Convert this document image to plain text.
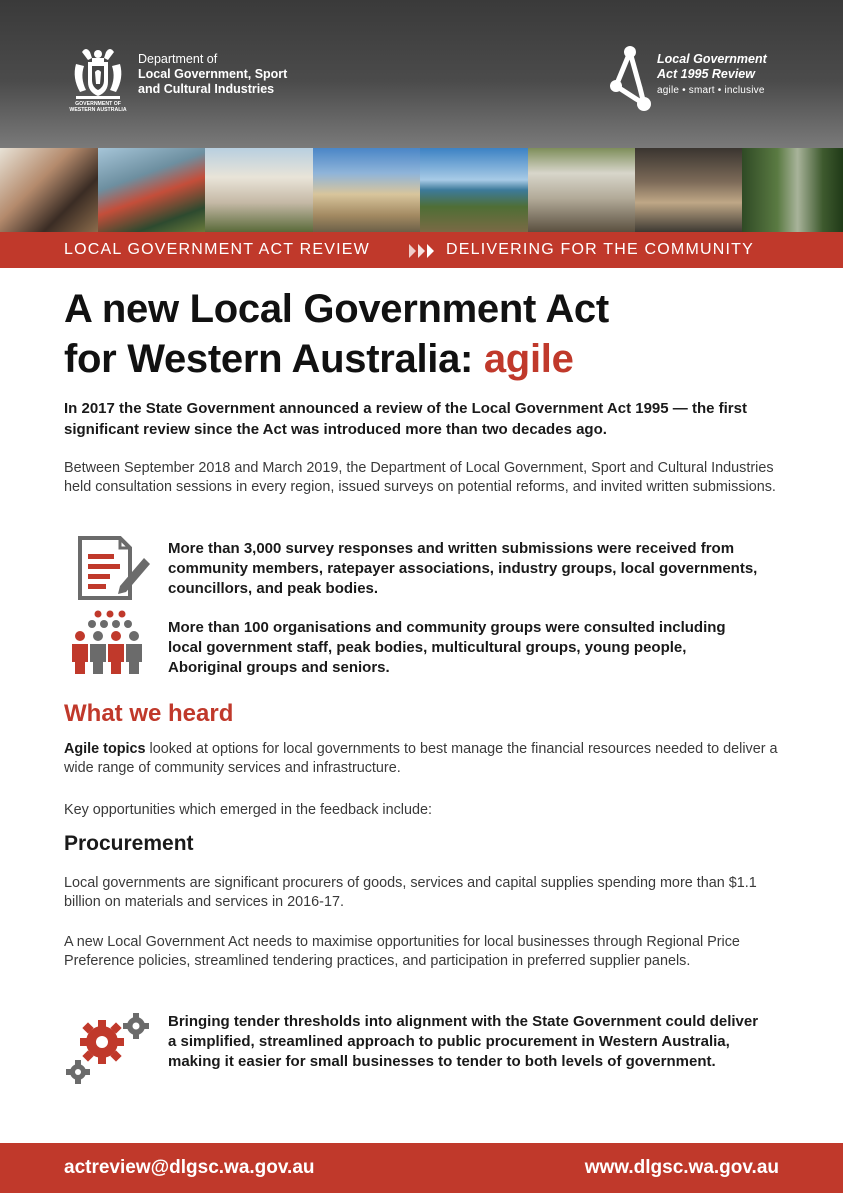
GOVERNMENT OF
WESTERN AUSTRALIA
Department of
Local Government, Sport
and Cultural Industries
Local Government
Act 1995 Review
agile • smart • inclusive
LOCAL GOVERNMENT ACT REVIEW	DELIVERING FOR THE COMMUNITY
A new Local Government Act
for Western Australia: agile
In 2017 the State Government announced a review of the Local Government Act 1995 — the first significant review since the Act was introduced more than two decades ago.
Between September 2018 and March 2019, the Department of Local Government, Sport and Cultural Industries held consultation sessions in every region, issued surveys on potential reforms, and invited written submissions.
More than 3,000 survey responses and written submissions were received from community members, ratepayer associations, industry groups, local governments, councillors, and peak bodies.
More than 100 organisations and community groups were consulted including local government staff, peak bodies, multicultural groups, young people, Aboriginal groups and seniors.
What we heard
Agile topics looked at options for local governments to best manage the financial resources needed to deliver a wide range of community services and infrastructure.
Key opportunities which emerged in the feedback include:
Procurement
Local governments are significant procurers of goods, services and capital supplies spending more than $1.1 billion on materials and services in 2016-17.
A new Local Government Act needs to maximise opportunities for local businesses through Regional Price Preference policies, streamlined tendering practices, and participation in preferred supplier panels.
Bringing tender thresholds into alignment with the State Government could deliver a simplified, streamlined approach to public procurement in Western Australia, making it easier for small businesses to tender to both levels of government.
actreview@dlgsc.wa.gov.au	www.dlgsc.wa.gov.au
